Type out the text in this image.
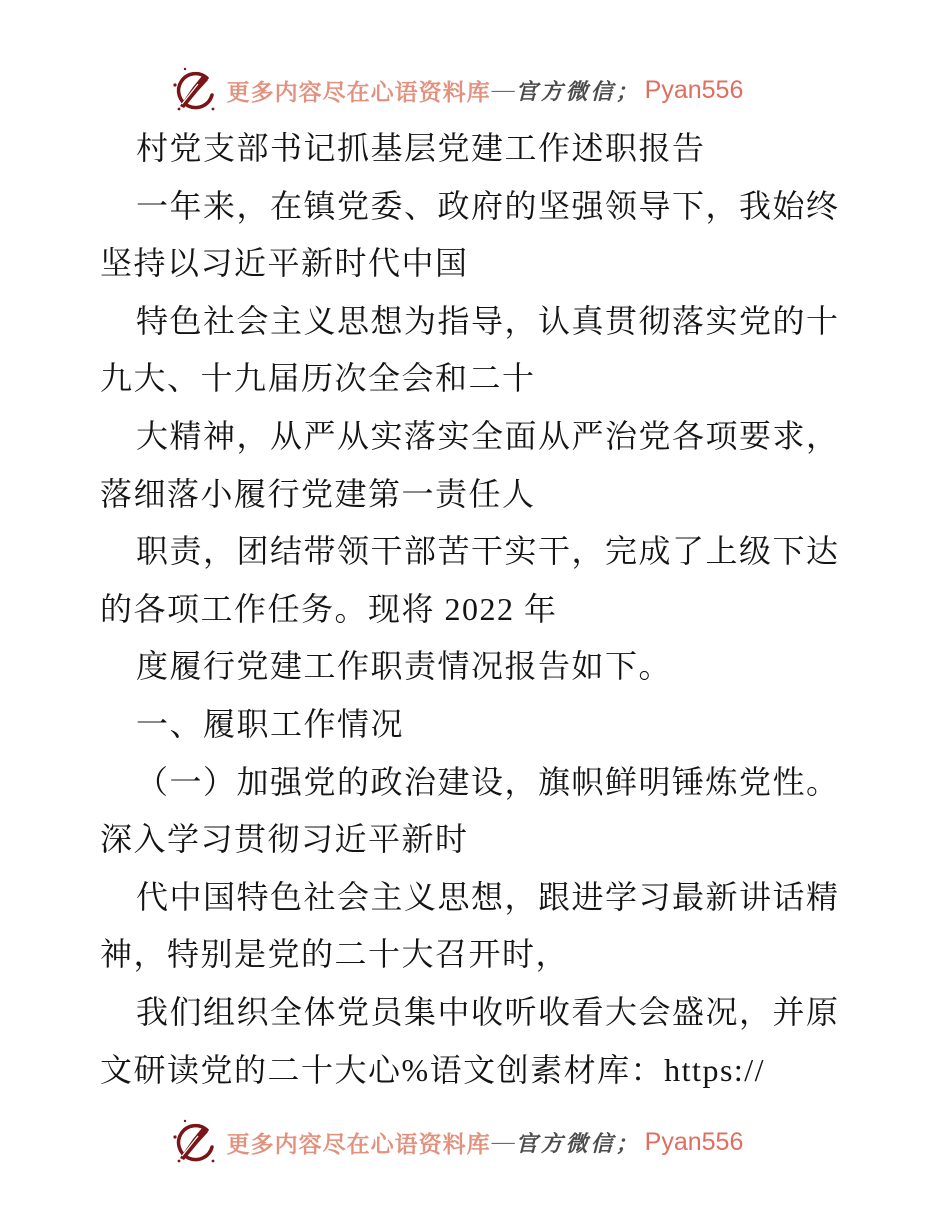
更多内容尽在心语资料库 — 官方微信； Pyan556
村党支部书记抓基层党建工作述职报告
一年来，在镇党委、政府的坚强领导下，我始终
坚持以习近平新时代中国
特色社会主义思想为指导，认真贯彻落实党的十
九大、十九届历次全会和二十
大精神，从严从实落实全面从严治党各项要求，
落细落小履行党建第一责任人
职责，团结带领干部苦干实干，完成了上级下达
的各项工作任务。现将 2022 年
度履行党建工作职责情况报告如下。
一、履职工作情况
（一）加强党的政治建设，旗帜鲜明锤炼党性。
深入学习贯彻习近平新时
代中国特色社会主义思想，跟进学习最新讲话精
神，特别是党的二十大召开时，
我们组织全体党员集中收听收看大会盛况，并原
文研读党的二十大心%语文创素材库：https://
更多内容尽在心语资料库 — 官方微信； Pyan556
